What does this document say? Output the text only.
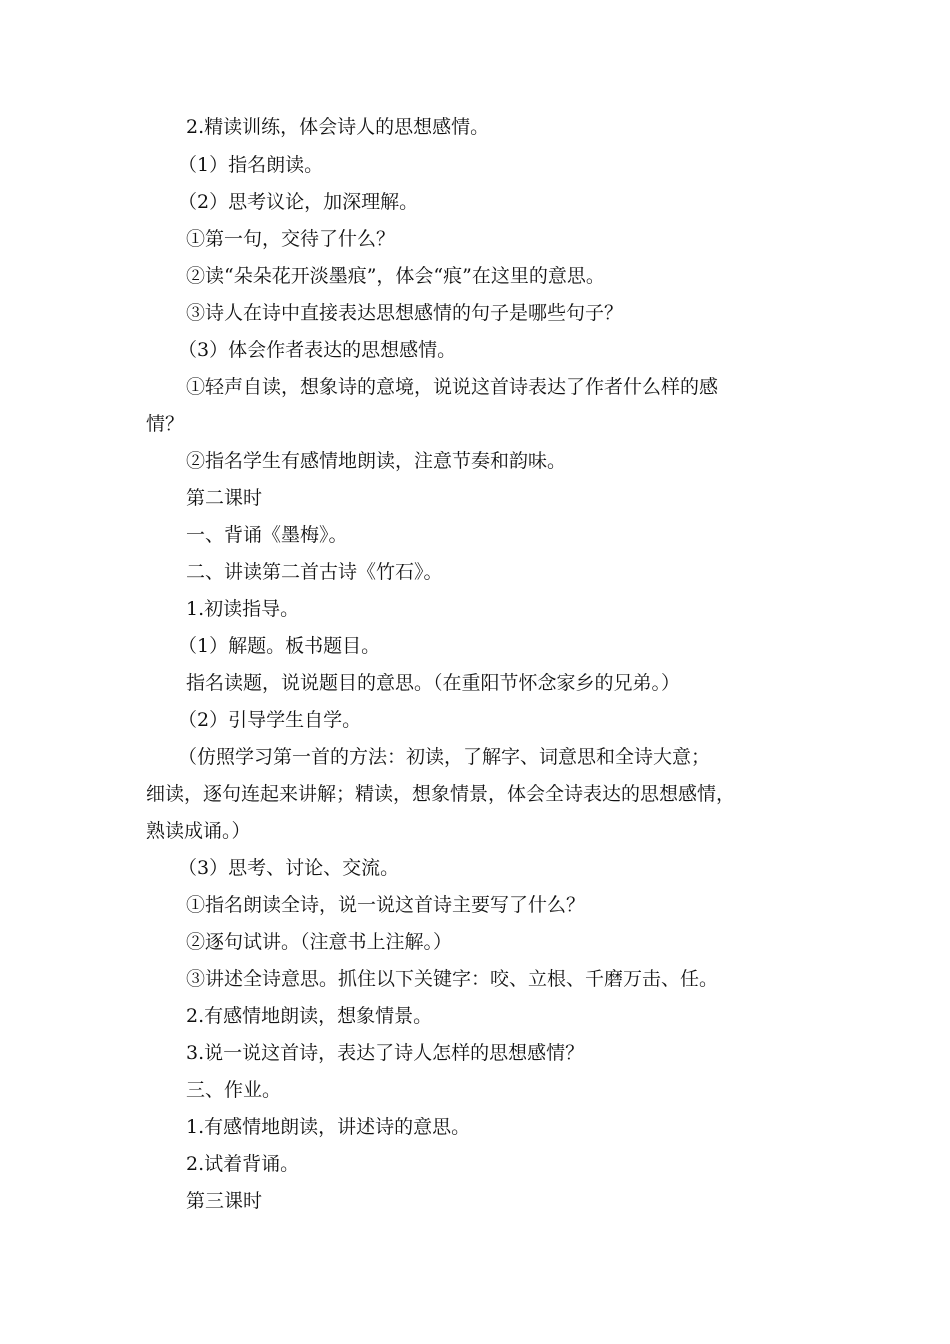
2.精读训练，体会诗人的思想感情。
（1）指名朗读。
（2）思考议论，加深理解。
①第一句，交待了什么？
②读“朵朵花开淡墨痕”，体会“痕”在这里的意思。
③诗人在诗中直接表达思想感情的句子是哪些句子？
（3）体会作者表达的思想感情。
①轻声自读，想象诗的意境，说说这首诗表达了作者什么样的感
情？
②指名学生有感情地朗读，注意节奏和韵味。
第二课时
一、背诵《墨梅》。
二、讲读第二首古诗《竹石》。
1.初读指导。
（1）解题。板书题目。
指名读题，说说题目的意思。（在重阳节怀念家乡的兄弟。）
（2）引导学生自学。
（仿照学习第一首的方法：初读，了解字、词意思和全诗大意；
细读，逐句连起来讲解；精读，想象情景，体会全诗表达的思想感情，
熟读成诵。）
（3）思考、讨论、交流。
①指名朗读全诗，说一说这首诗主要写了什么？
②逐句试讲。（注意书上注解。）
③讲述全诗意思。抓住以下关键字：咬、立根、千磨万击、任。
2.有感情地朗读，想象情景。
3.说一说这首诗，表达了诗人怎样的思想感情？
三、作业。
1.有感情地朗读，讲述诗的意思。
2.试着背诵。
第三课时
